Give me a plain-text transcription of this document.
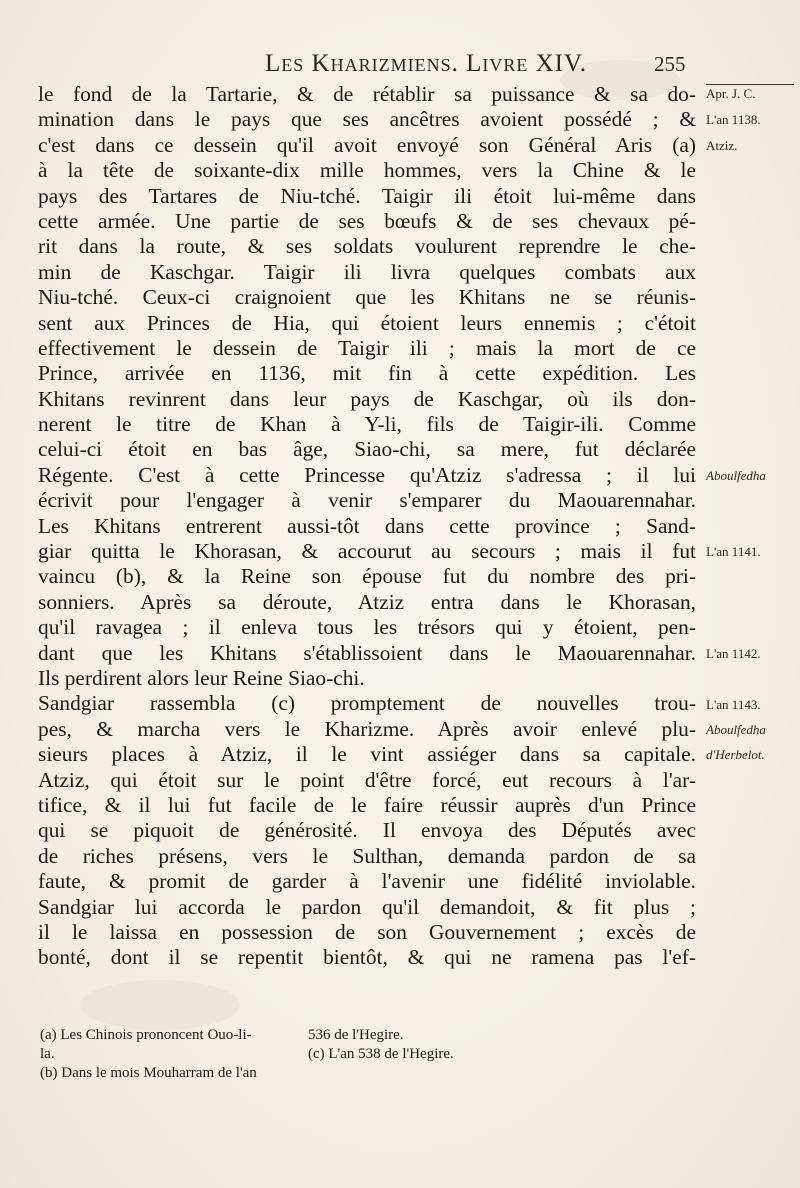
Les Kharizmiens. Livre XIV.	255
le fond de la Tartarie, & de rétablir sa puissance & sa do-
mination dans le pays que ses ancêtres avoient possédé ; &
c'est dans ce dessein qu'il avoit envoyé son Général Aris (a)
à la tête de soixante-dix mille hommes, vers la Chine & le
pays des Tartares de Niu-tché. Taigir ili étoit lui-même dans
cette armée. Une partie de ses bœufs & de ses chevaux pé-
rit dans la route, & ses soldats voulurent reprendre le che-
min de Kaschgar. Taigir ili livra quelques combats aux
Niu-tché. Ceux-ci craignoient que les Khitans ne se réunis-
sent aux Princes de Hia, qui étoient leurs ennemis ; c'étoit
effectivement le dessein de Taigir ili ; mais la mort de ce
Prince, arrivée en 1136, mit fin à cette expédition. Les
Khitans revinrent dans leur pays de Kaschgar, où ils don-
nerent le titre de Khan à Y-li, fils de Taigir-ili. Comme
celui-ci étoit en bas âge, Siao-chi, sa mere, fut déclarée
Régente. C'est à cette Princesse qu'Atziz s'adressa ; il lui
écrivit pour l'engager à venir s'emparer du Maouarennahar.
Les Khitans entrerent aussi-tôt dans cette province ; Sand-
giar quitta le Khorasan, & accourut au secours ; mais il fut
vaincu (b), & la Reine son épouse fut du nombre des pri-
sonniers. Après sa déroute, Atziz entra dans le Khorasan,
qu'il ravagea ; il enleva tous les trésors qui y étoient, pen-
dant que les Khitans s'établissoient dans le Maouarennahar.
Ils perdirent alors leur Reine Siao-chi.
Sandgiar rassembla (c) promptement de nouvelles trou-
pes, & marcha vers le Kharizme. Après avoir enlevé plu-
sieurs places à Atziz, il le vint assiéger dans sa capitale.
Atziz, qui étoit sur le point d'être forcé, eut recours à l'ar-
tifice, & il lui fut facile de le faire réussir auprès d'un Prince
qui se piquoit de générosité. Il envoya des Députés avec
de riches présens, vers le Sulthan, demanda pardon de sa
faute, & promit de garder à l'avenir une fidélité inviolable.
Sandgiar lui accorda le pardon qu'il demandoit, & fit plus ;
il le laissa en possession de son Gouvernement ; excès de
bonté, dont il se repentit bientôt, & qui ne ramena pas l'ef-
Apr. J. C.
L'an 1138.
Atziz.
Aboulfedha
L'an 1141.
L'an 1142.
L'an 1143.
Aboulfedha
d'Herbelot.
(a) Les Chinois prononcent Ouo-li-
la.
(b) Dans le mois Mouharram de l'an
536 de l'Hegire.
(c) L'an 538 de l'Hegire.
